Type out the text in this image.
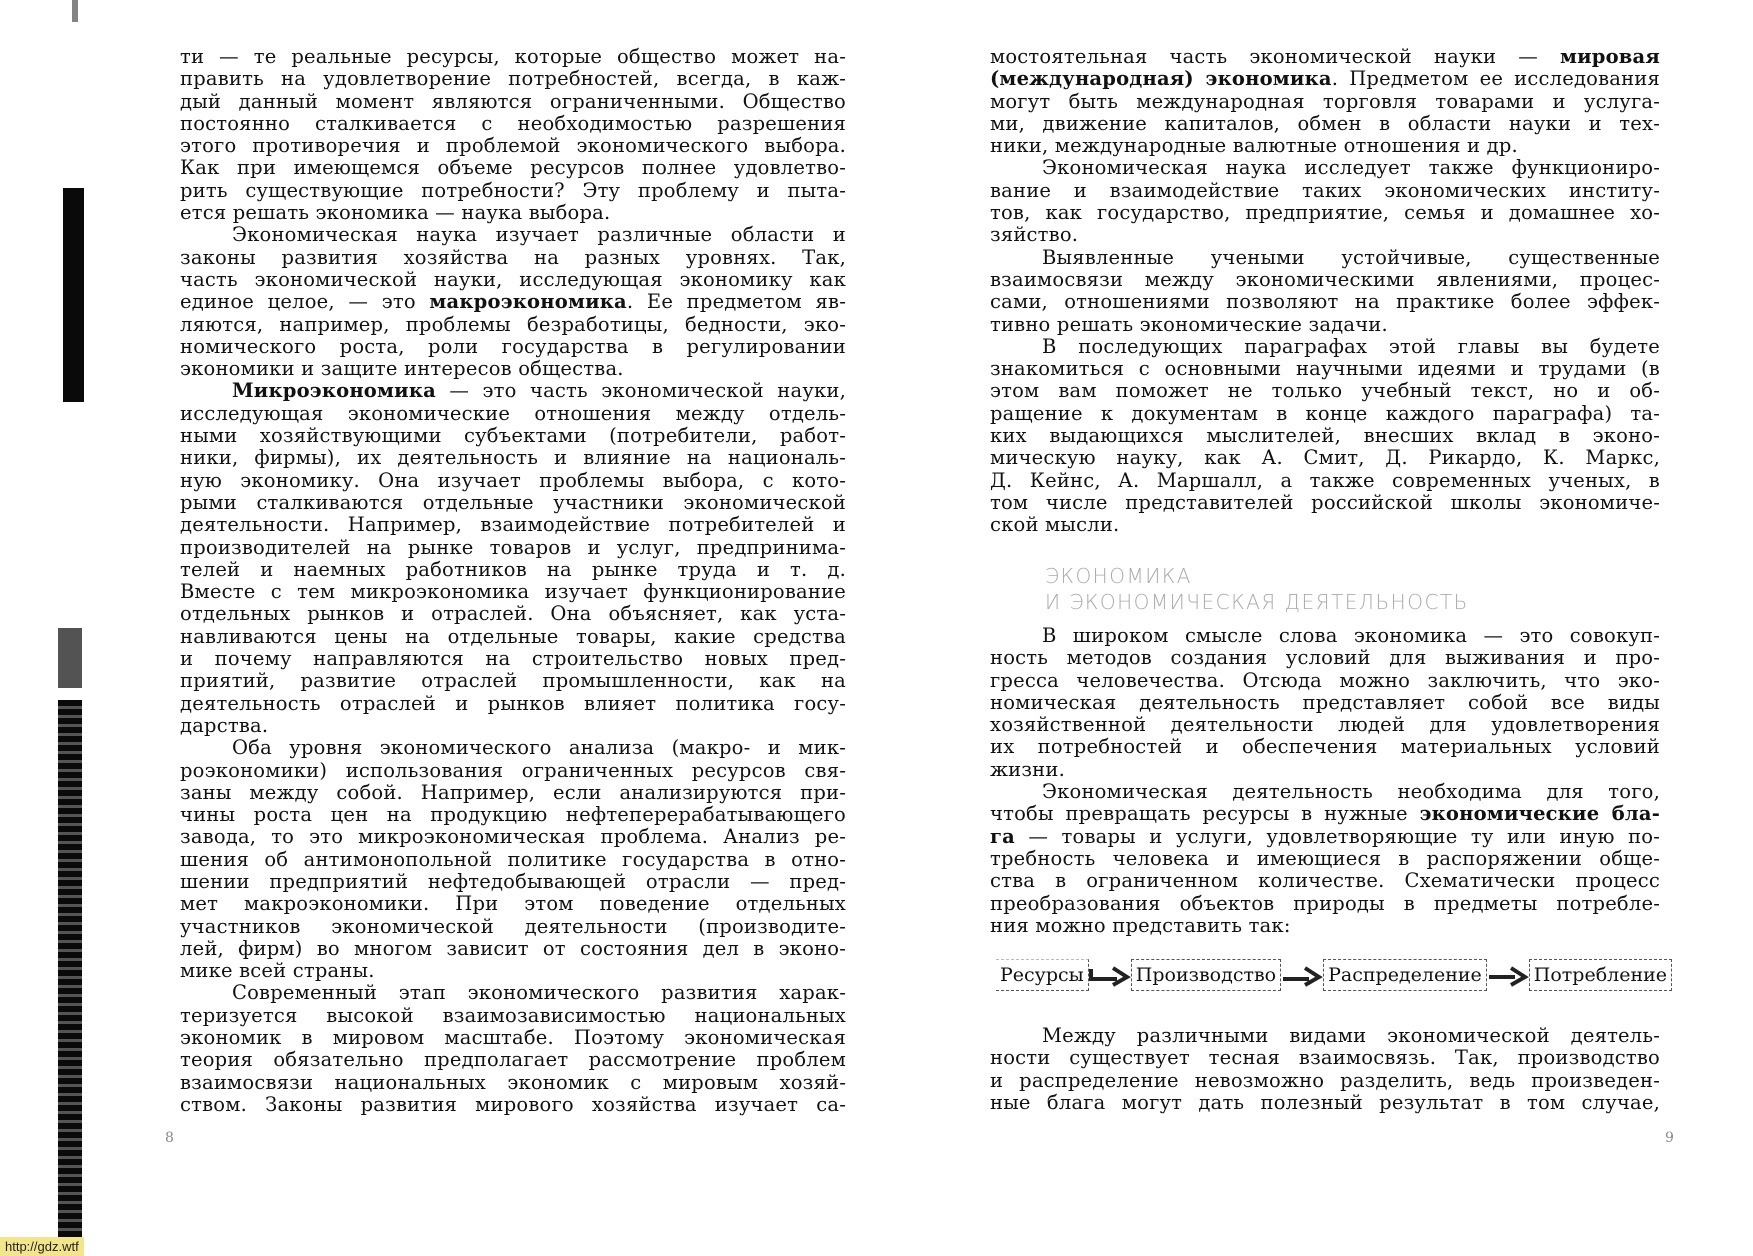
ти — те реальные ресурсы, которые общество может на-
править на удовлетворение потребностей, всегда, в каж-
дый данный момент являются ограниченными. Общество
постоянно сталкивается с необходимостью разрешения
этого противоречия и проблемой экономического выбора.
Как при имеющемся объеме ресурсов полнее удовлетво-
рить существующие потребности? Эту проблему и пыта-
ется решать экономика — наука выбора.
Экономическая наука изучает различные области и
законы развития хозяйства на разных уровнях. Так,
часть экономической науки, исследующая экономику как
единое целое, — это макроэкономика. Ее предметом яв-
ляются, например, проблемы безработицы, бедности, эко-
номического роста, роли государства в регулировании
экономики и защите интересов общества.
Микроэкономика — это часть экономической науки,
исследующая экономические отношения между отдель-
ными хозяйствующими субъектами (потребители, работ-
ники, фирмы), их деятельность и влияние на националь-
ную экономику. Она изучает проблемы выбора, с кото-
рыми сталкиваются отдельные участники экономической
деятельности. Например, взаимодействие потребителей и
производителей на рынке товаров и услуг, предпринима-
телей и наемных работников на рынке труда и т. д.
Вместе с тем микроэкономика изучает функционирование
отдельных рынков и отраслей. Она объясняет, как уста-
навливаются цены на отдельные товары, какие средства
и почему направляются на строительство новых пред-
приятий, развитие отраслей промышленности, как на
деятельность отраслей и рынков влияет политика госу-
дарства.
Оба уровня экономического анализа (макро- и мик-
роэкономики) использования ограниченных ресурсов свя-
заны между собой. Например, если анализируются при-
чины роста цен на продукцию нефтеперерабатывающего
завода, то это микроэкономическая проблема. Анализ ре-
шения об антимонопольной политике государства в отно-
шении предприятий нефтедобывающей отрасли — пред-
мет макроэкономики. При этом поведение отдельных
участников экономической деятельности (производите-
лей, фирм) во многом зависит от состояния дел в эконо-
мике всей страны.
Современный этап экономического развития харак-
теризуется высокой взаимозависимостью национальных
экономик в мировом масштабе. Поэтому экономическая
теория обязательно предполагает рассмотрение проблем
взаимосвязи национальных экономик с мировым хозяй-
ством. Законы развития мирового хозяйства изучает са-
8
мостоятельная часть экономической науки — мировая
(международная) экономика. Предметом ее исследования
могут быть международная торговля товарами и услуга-
ми, движение капиталов, обмен в области науки и тех-
ники, международные валютные отношения и др.
Экономическая наука исследует также функциониро-
вание и взаимодействие таких экономических институ-
тов, как государство, предприятие, семья и домашнее хо-
зяйство.
Выявленные учеными устойчивые, существенные
взаимосвязи между экономическими явлениями, процес-
сами, отношениями позволяют на практике более эффек-
тивно решать экономические задачи.
В последующих параграфах этой главы вы будете
знакомиться с основными научными идеями и трудами (в
этом вам поможет не только учебный текст, но и об-
ращение к документам в конце каждого параграфа) та-
ких выдающихся мыслителей, внесших вклад в эконо-
мическую науку, как А. Смит, Д. Рикардо, К. Маркс,
Д. Кейнс, А. Маршалл, а также современных ученых, в
том числе представителей российской школы экономиче-
ской мысли.
ЭКОНОМИКА
И ЭКОНОМИЧЕСКАЯ ДЕЯТЕЛЬНОСТЬ
В широком смысле слова экономика — это совокуп-
ность методов создания условий для выживания и про-
гресса человечества. Отсюда можно заключить, что эко-
номическая деятельность представляет собой все виды
хозяйственной деятельности людей для удовлетворения
их потребностей и обеспечения материальных условий
жизни.
Экономическая деятельность необходима для того,
чтобы превращать ресурсы в нужные экономические бла-
га — товары и услуги, удовлетворяющие ту или иную по-
требность человека и имеющиеся в распоряжении обще-
ства в ограниченном количестве. Схематически процесс
преобразования объектов природы в предметы потребле-
ния можно представить так:
Ресурсы	Производство	Распределение	Потребление
Между различными видами экономической деятель-
ности существует тесная взаимосвязь. Так, производство
и распределение невозможно разделить, ведь произведен-
ные блага могут дать полезный результат в том случае,
9
http://gdz.wtf
